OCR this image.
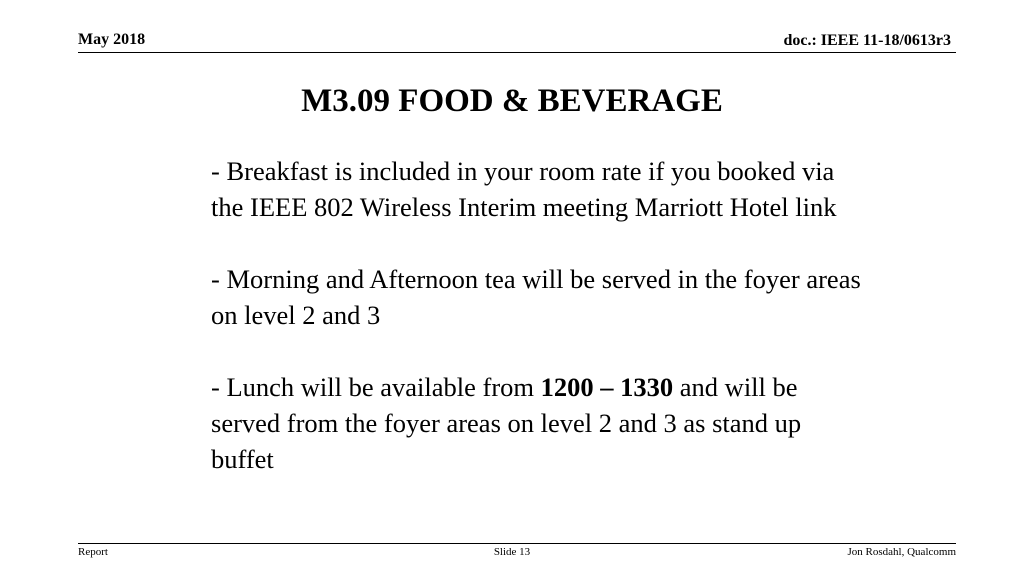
May 2018	doc.: IEEE 11-18/0613r3
M3.09 FOOD & BEVERAGE

- Breakfast is included in your room rate if you booked via the IEEE 802 Wireless Interim meeting Marriott Hotel link

- Morning and Afternoon tea will be served in the foyer areas on level 2 and 3

- Lunch will be available from 1200 – 1330 and will be served from the foyer areas on level 2 and 3 as stand up buffet

Report	Slide 13	Jon Rosdahl, Qualcomm
